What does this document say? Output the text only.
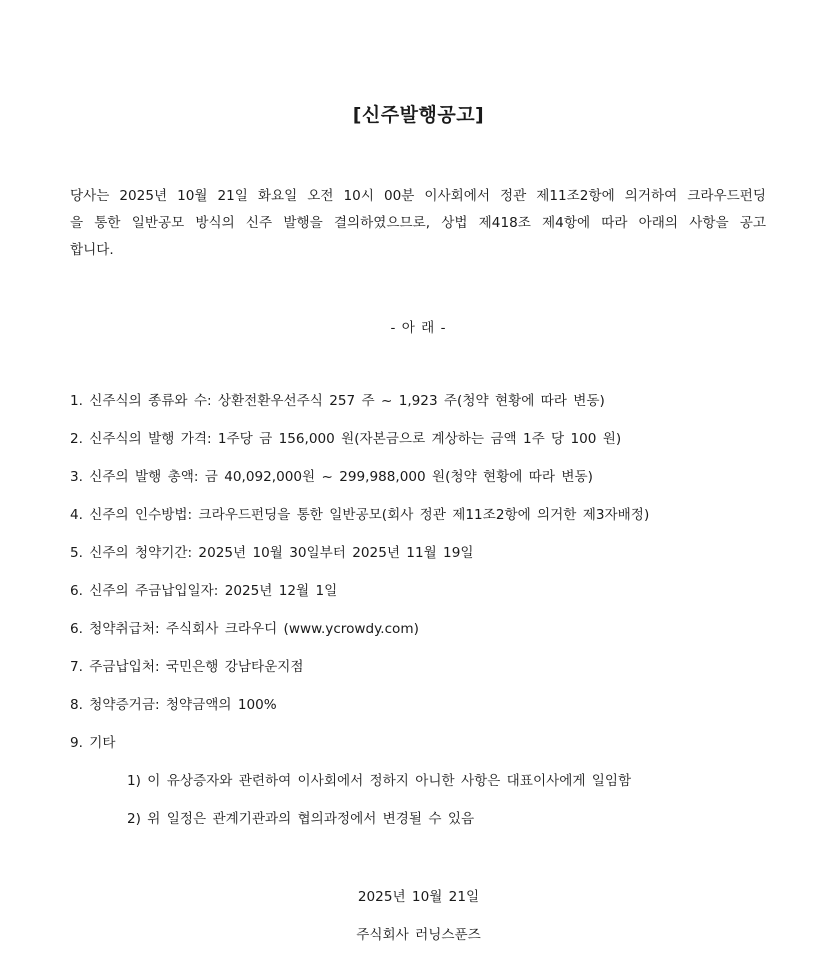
[신주발행공고]
당사는 2025년 10월 21일 화요일 오전 10시 00분 이사회에서 정관 제11조2항에 의거하여 크라우드펀딩
을 통한 일반공모 방식의 신주 발행을 결의하였으므로, 상법 제418조 제4항에 따라 아래의 사항을 공고
합니다.
- 아 래 -
1. 신주식의 종류와 수: 상환전환우선주식 257 주 ~ 1,923 주(청약 현황에 따라 변동)
2. 신주식의 발행 가격: 1주당 금 156,000 원(자본금으로 계상하는 금액 1주 당 100 원)
3. 신주의 발행 총액: 금 40,092,000원 ~ 299,988,000 원(청약 현황에 따라 변동)
4. 신주의 인수방법: 크라우드펀딩을 통한 일반공모(회사 정관 제11조2항에 의거한 제3자배정)
5. 신주의 청약기간: 2025년 10월 30일부터 2025년 11월 19일
6. 신주의 주금납입일자: 2025년 12월 1일
6. 청약취급처: 주식회사 크라우디 (www.ycrowdy.com)
7. 주금납입처: 국민은행 강남타운지점
8. 청약증거금: 청약금액의 100%
9. 기타
1) 이 유상증자와 관련하여 이사회에서 정하지 아니한 사항은 대표이사에게 일임함
2) 위 일정은 관계기관과의 협의과정에서 변경될 수 있음
2025년 10월 21일
주식회사 러닝스푼즈
